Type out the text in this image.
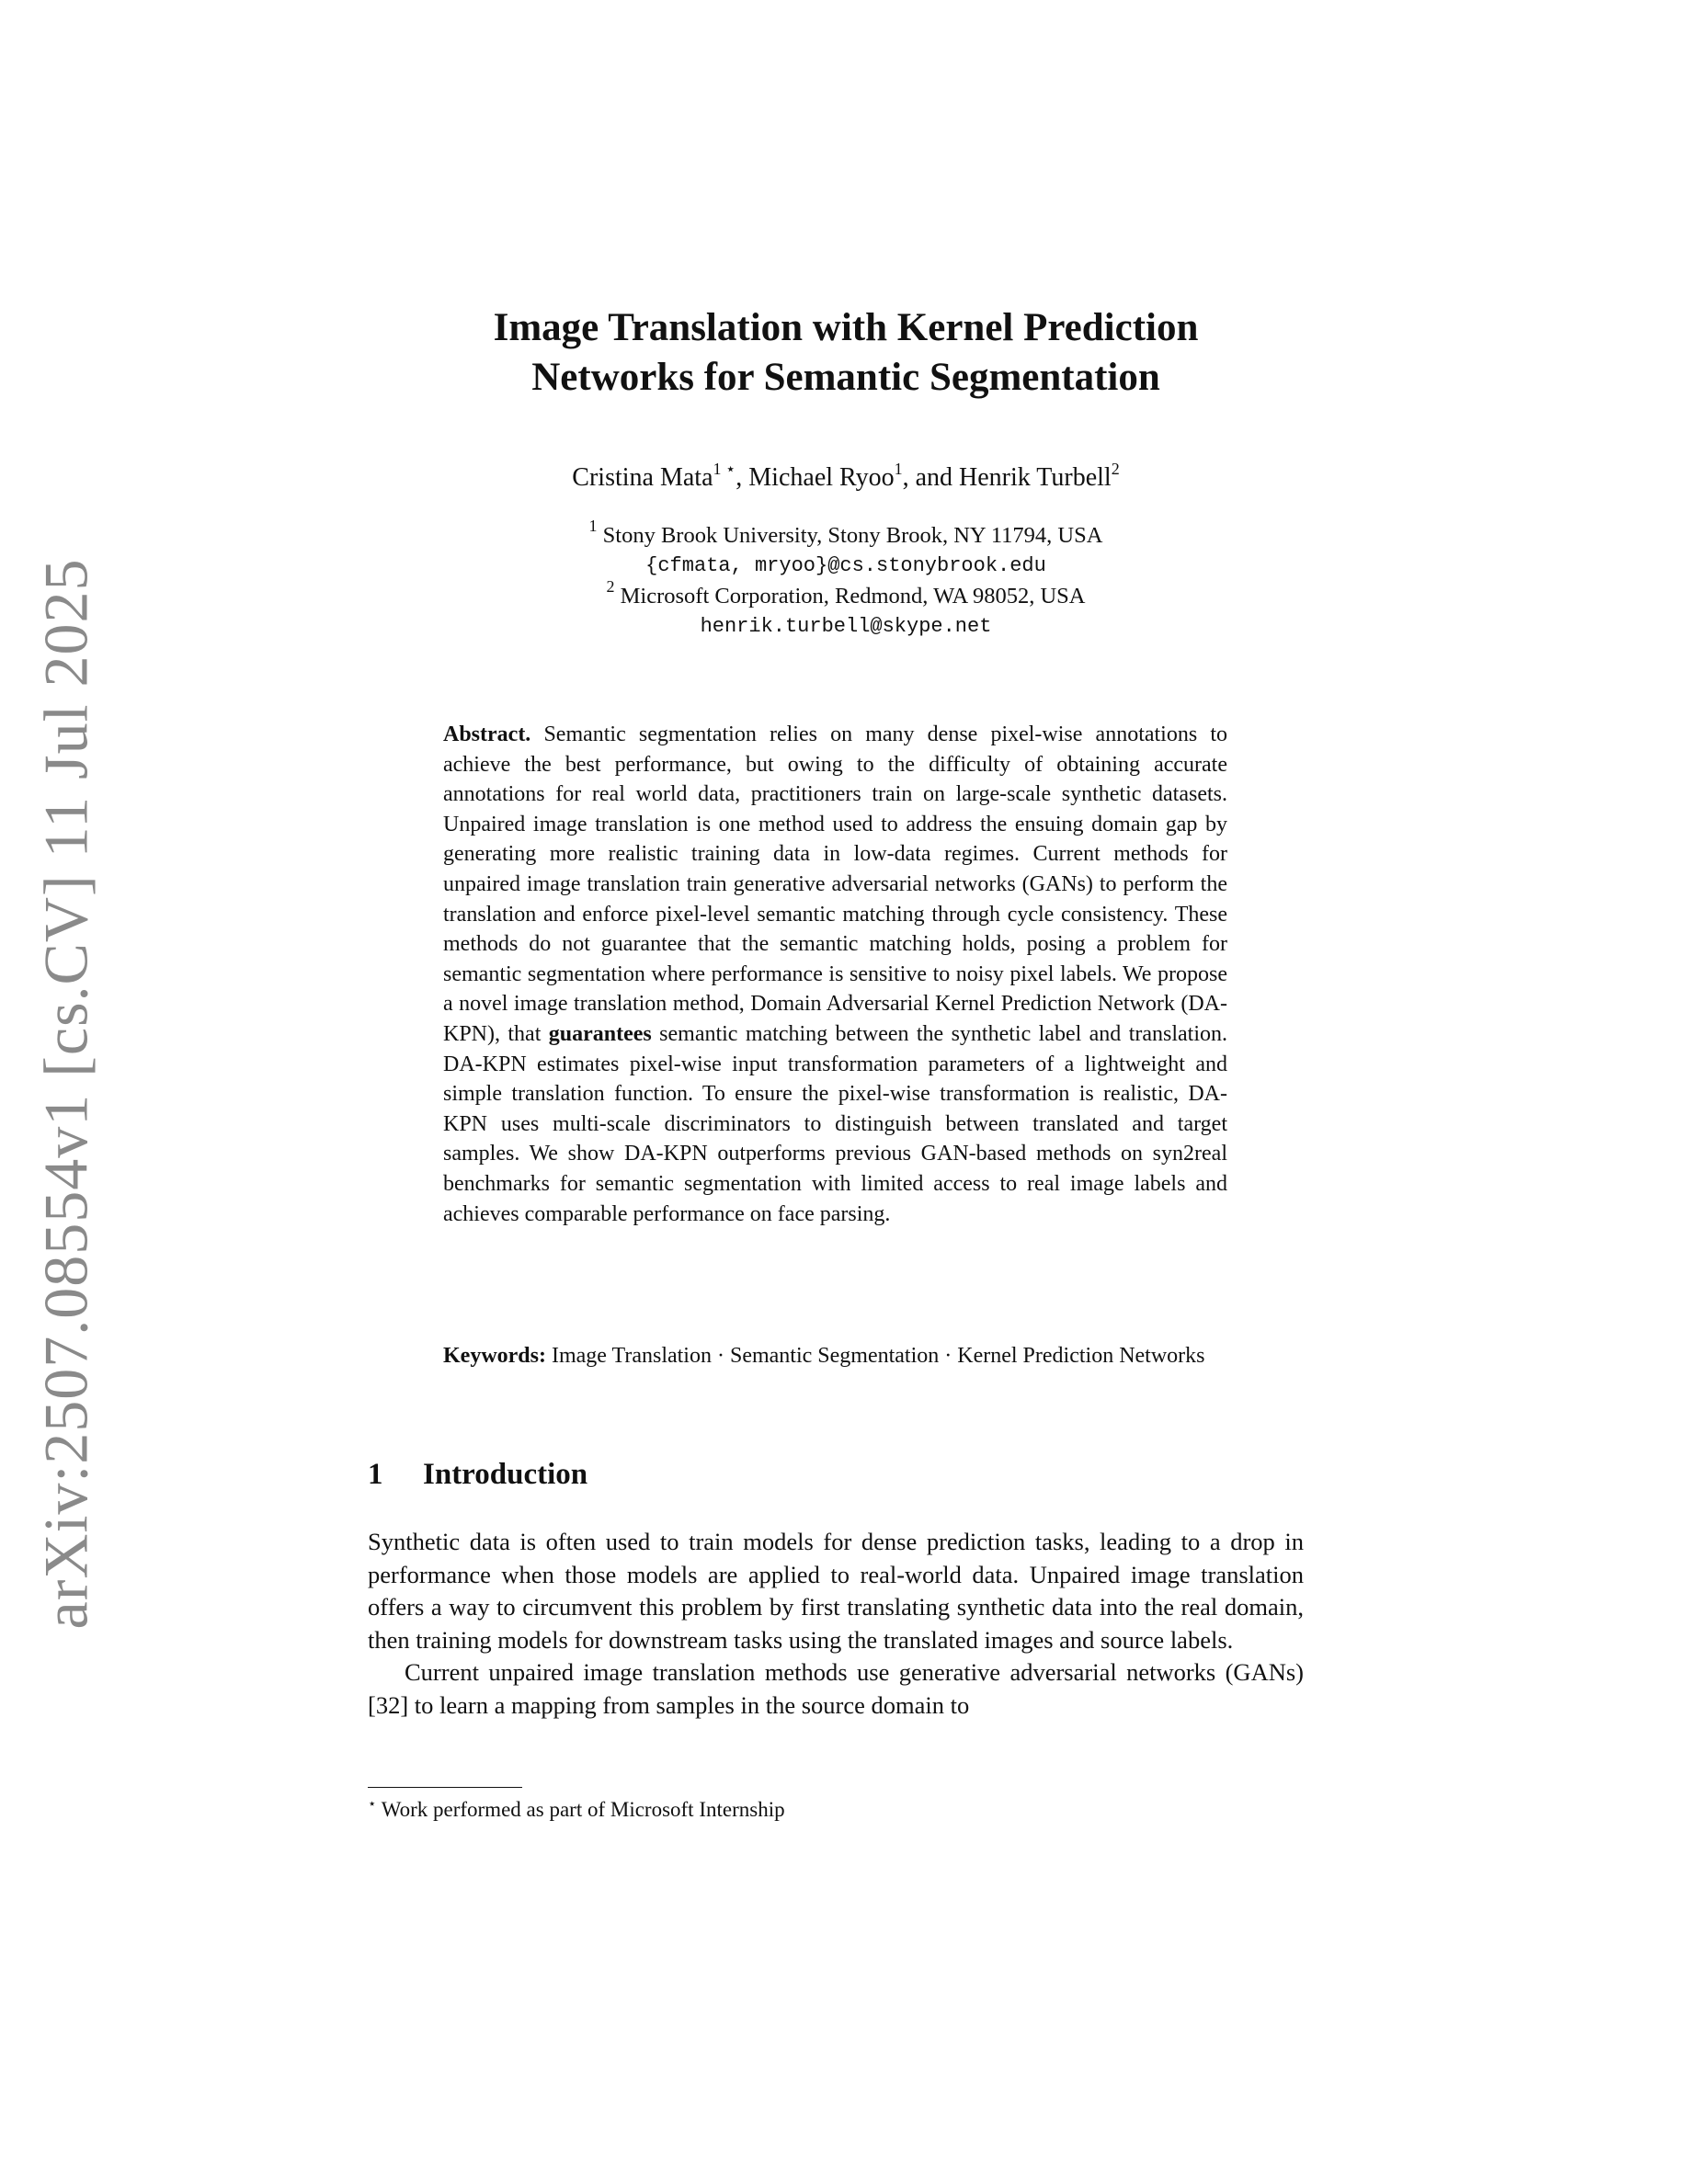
arXiv:2507.08554v1 [cs.CV] 11 Jul 2025
Image Translation with Kernel Prediction
Networks for Semantic Segmentation
Cristina Mata$^1$ ⋆, Michael Ryoo$^1$, and Henrik Turbell$^2$
$^1$ Stony Brook University, Stony Brook, NY 11794, USA
{cfmata, mryoo}@cs.stonybrook.edu
$^2$ Microsoft Corporation, Redmond, WA 98052, USA
henrik.turbell@skype.net
Abstract. Semantic segmentation relies on many dense pixel-wise annotations to achieve the best performance, but owing to the difficulty of obtaining accurate annotations for real world data, practitioners train on large-scale synthetic datasets. Unpaired image translation is one method used to address the ensuing domain gap by generating more realistic training data in low-data regimes. Current methods for unpaired image translation train generative adversarial networks (GANs) to perform the translation and enforce pixel-level semantic matching through cycle consistency. These methods do not guarantee that the semantic matching holds, posing a problem for semantic segmentation where performance is sensitive to noisy pixel labels. We propose a novel image translation method, Domain Adversarial Kernel Prediction Network (DA-KPN), that guarantees semantic matching between the synthetic label and translation. DA-KPN estimates pixel-wise input transformation parameters of a lightweight and simple translation function. To ensure the pixel-wise transformation is realistic, DA-KPN uses multi-scale discriminators to distinguish between translated and target samples. We show DA-KPN outperforms previous GAN-based methods on syn2real benchmarks for semantic segmentation with limited access to real image labels and achieves comparable performance on face parsing.
Keywords: Image Translation · Semantic Segmentation · Kernel Prediction Networks
1 Introduction

Synthetic data is often used to train models for dense prediction tasks, leading to a drop in performance when those models are applied to real-world data. Unpaired image translation offers a way to circumvent this problem by first translating synthetic data into the real domain, then training models for downstream tasks using the translated images and source labels.

Current unpaired image translation methods use generative adversarial networks (GANs) [32] to learn a mapping from samples in the source domain to

⋆ Work performed as part of Microsoft Internship
